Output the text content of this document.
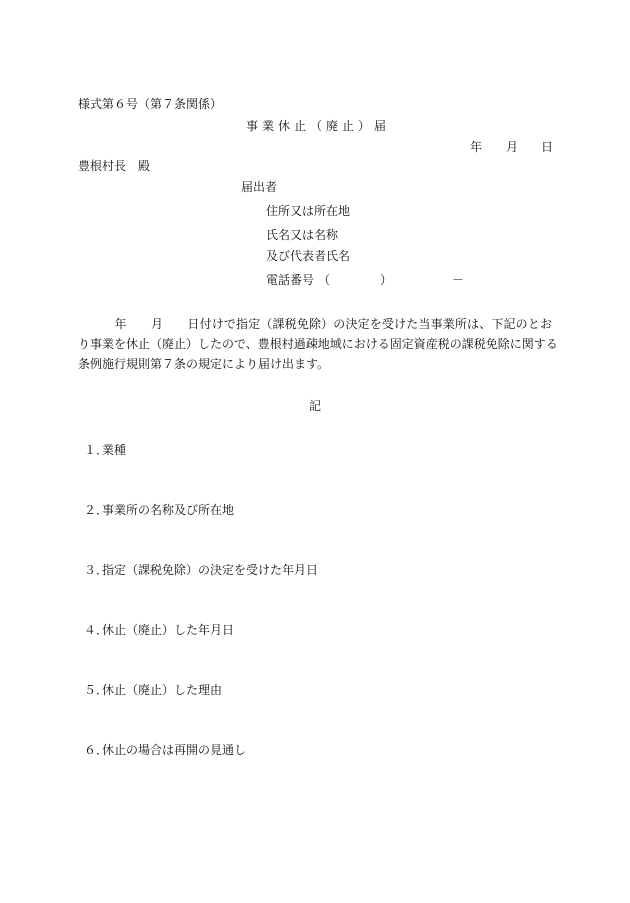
様式第６号（第７条関係）
事業休止（廃止）届
年 月 日
豊根村長　殿
届出者
住所又は所在地
氏名又は名称
及び代表者氏名
電話番号 （	）	－
　　　年　　月　　日付けで指定（課税免除）の決定を受けた当事業所は、下記のとお
り事業を休止（廃止）したので、豊根村過疎地域における固定資産税の課税免除に関する
条例施行規則第７条の規定により届け出ます。
記
１．業種
２．事業所の名称及び所在地
３．指定（課税免除）の決定を受けた年月日
４．休止（廃止）した年月日
５．休止（廃止）した理由
６．休止の場合は再開の見通し
